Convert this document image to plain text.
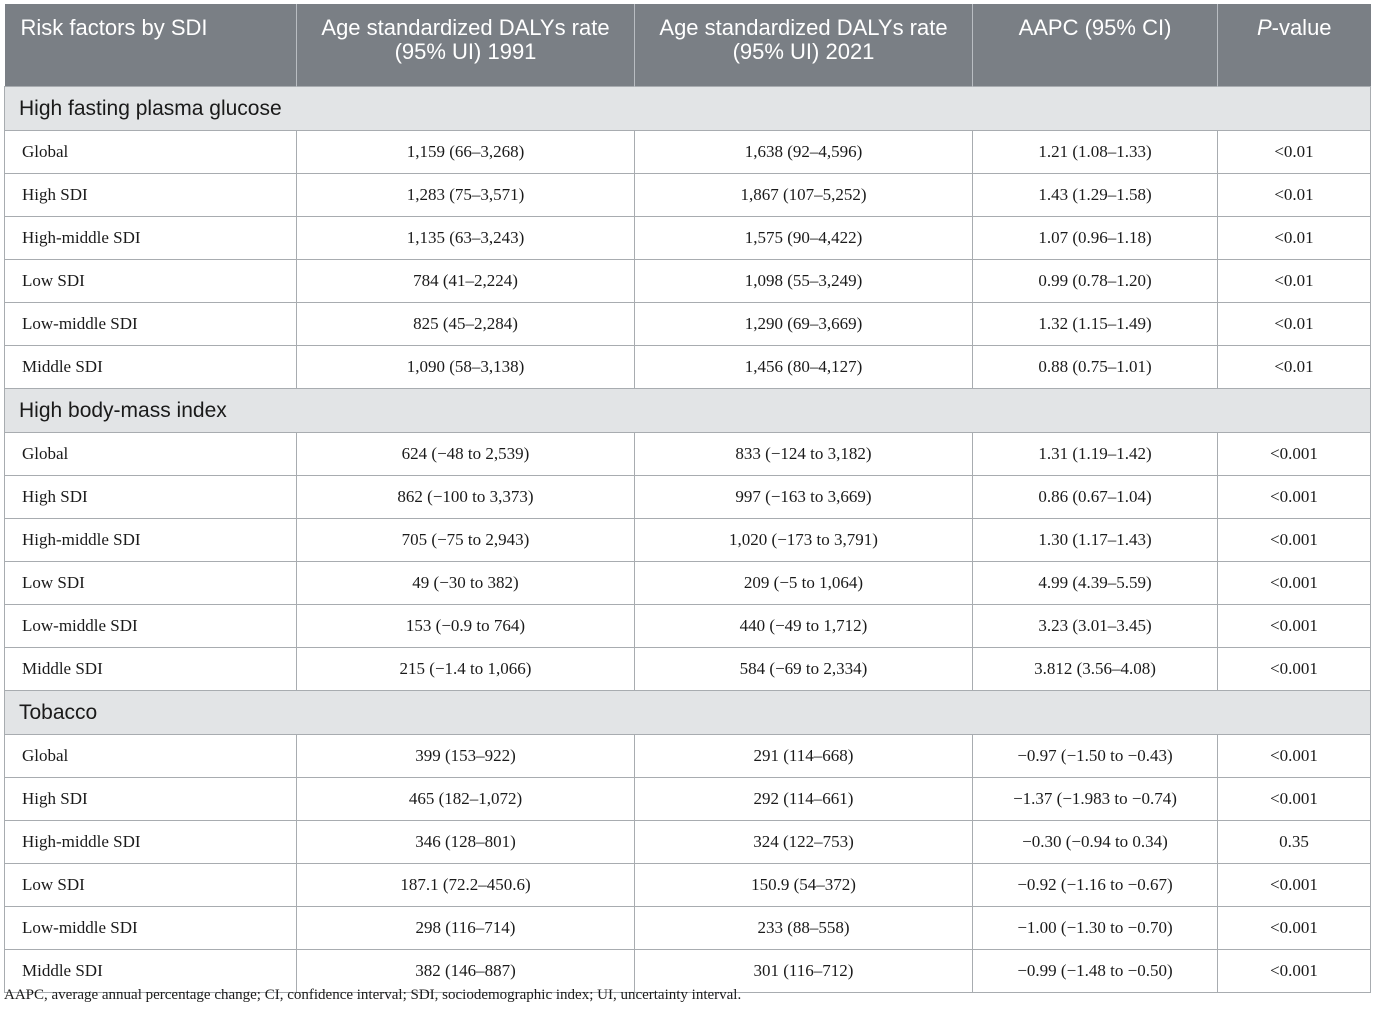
Risk factors by SDI	Age standardized DALYs rate (95% UI) 1991	Age standardized DALYs rate (95% UI) 2021	AAPC (95% CI)	P-value
High fasting plasma glucose				
Global	1,159 (66–3,268)	1,638 (92–4,596)	1.21 (1.08–1.33)	<0.01
High SDI	1,283 (75–3,571)	1,867 (107–5,252)	1.43 (1.29–1.58)	<0.01
High-middle SDI	1,135 (63–3,243)	1,575 (90–4,422)	1.07 (0.96–1.18)	<0.01
Low SDI	784 (41–2,224)	1,098 (55–3,249)	0.99 (0.78–1.20)	<0.01
Low-middle SDI	825 (45–2,284)	1,290 (69–3,669)	1.32 (1.15–1.49)	<0.01
Middle SDI	1,090 (58–3,138)	1,456 (80–4,127)	0.88 (0.75–1.01)	<0.01
High body-mass index				
Global	624 (−48 to 2,539)	833 (−124 to 3,182)	1.31 (1.19–1.42)	<0.001
High SDI	862 (−100 to 3,373)	997 (−163 to 3,669)	0.86 (0.67–1.04)	<0.001
High-middle SDI	705 (−75 to 2,943)	1,020 (−173 to 3,791)	1.30 (1.17–1.43)	<0.001
Low SDI	49 (−30 to 382)	209 (−5 to 1,064)	4.99 (4.39–5.59)	<0.001
Low-middle SDI	153 (−0.9 to 764)	440 (−49 to 1,712)	3.23 (3.01–3.45)	<0.001
Middle SDI	215 (−1.4 to 1,066)	584 (−69 to 2,334)	3.812 (3.56–4.08)	<0.001
Tobacco				
Global	399 (153–922)	291 (114–668)	−0.97 (−1.50 to −0.43)	<0.001
High SDI	465 (182–1,072)	292 (114–661)	−1.37 (−1.983 to −0.74)	<0.001
High-middle SDI	346 (128–801)	324 (122–753)	−0.30 (−0.94 to 0.34)	0.35
Low SDI	187.1 (72.2–450.6)	150.9 (54–372)	−0.92 (−1.16 to −0.67)	<0.001
Low-middle SDI	298 (116–714)	233 (88–558)	−1.00 (−1.30 to −0.70)	<0.001
Middle SDI	382 (146–887)	301 (116–712)	−0.99 (−1.48 to −0.50)	<0.001
AAPC, average annual percentage change; CI, confidence interval; SDI, sociodemographic index; UI, uncertainty interval.
